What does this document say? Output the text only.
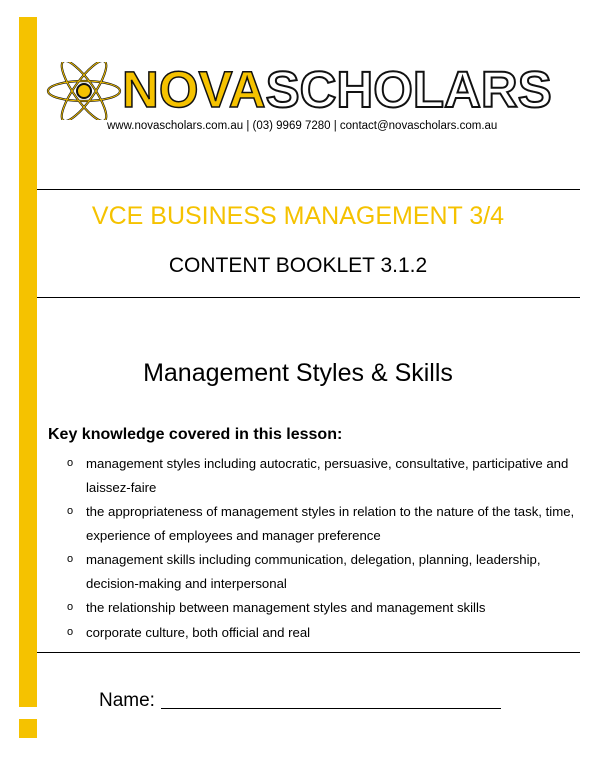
NOVASCHOLARS
www.novascholars.com.au | (03) 9969 7280 | contact@novascholars.com.au
VCE BUSINESS MANAGEMENT 3/4
CONTENT BOOKLET 3.1.2
Management Styles & Skills
Key knowledge covered in this lesson:
o management styles including autocratic, persuasive, consultative, participative and laissez-faire
o the appropriateness of management styles in relation to the nature of the task, time, experience of employees and manager preference
o management skills including communication, delegation, planning, leadership, decision-making and interpersonal
o the relationship between management styles and management skills
o corporate culture, both official and real
Name:
